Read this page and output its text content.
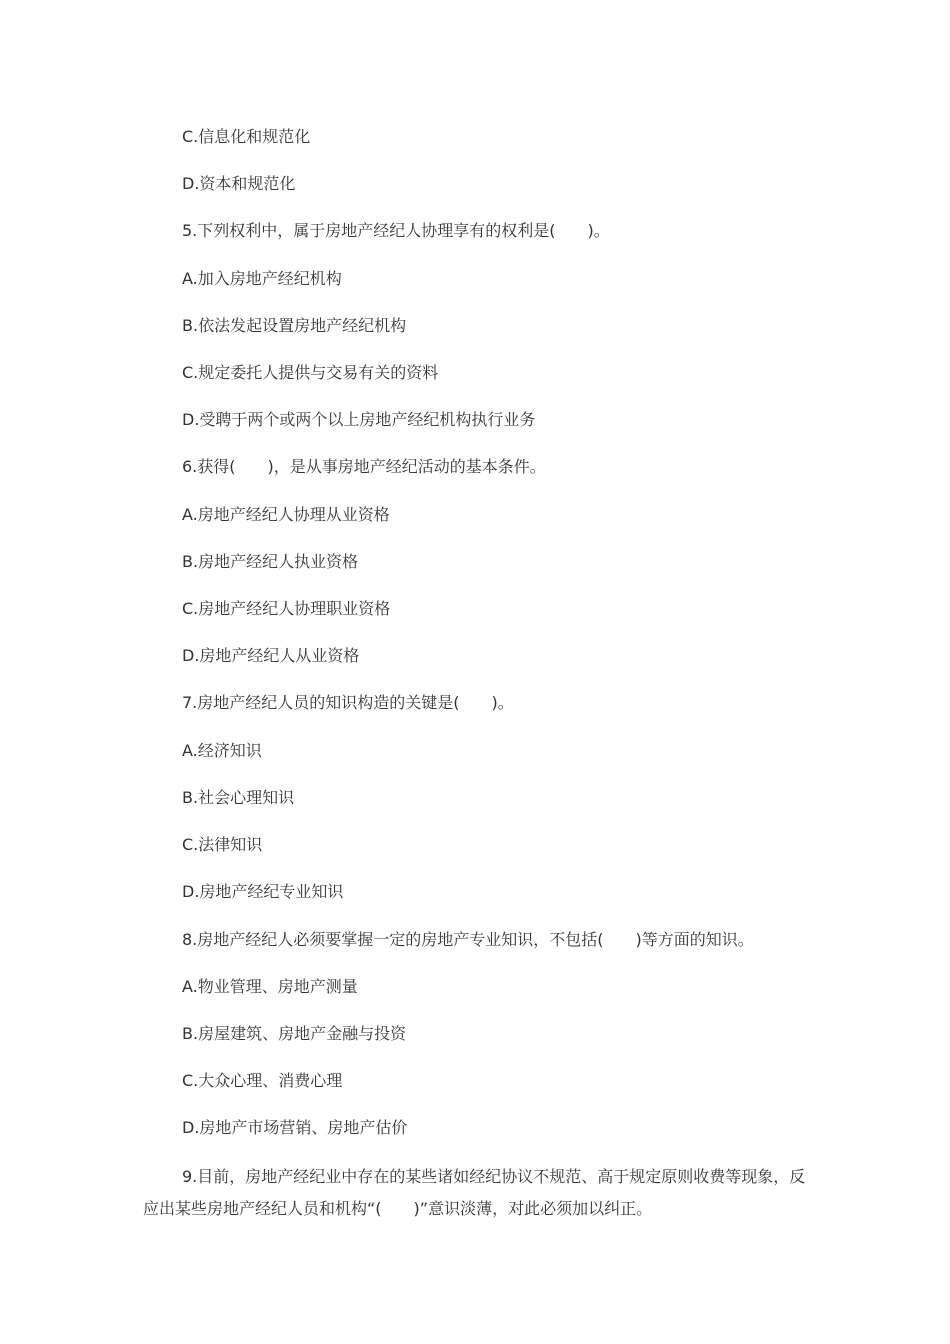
C.信息化和规范化
D.资本和规范化
5.下列权利中，属于房地产经纪人协理享有的权利是(　　)。
A.加入房地产经纪机构
B.依法发起设置房地产经纪机构
C.规定委托人提供与交易有关的资料
D.受聘于两个或两个以上房地产经纪机构执行业务
6.获得(　　)，是从事房地产经纪活动的基本条件。
A.房地产经纪人协理从业资格
B.房地产经纪人执业资格
C.房地产经纪人协理职业资格
D.房地产经纪人从业资格
7.房地产经纪人员的知识构造的关键是(　　)。
A.经济知识
B.社会心理知识
C.法律知识
D.房地产经纪专业知识
8.房地产经纪人必须要掌握一定的房地产专业知识，不包括(　　)等方面的知识。
A.物业管理、房地产测量
B.房屋建筑、房地产金融与投资
C.大众心理、消费心理
D.房地产市场营销、房地产估价
9.目前，房地产经纪业中存在的某些诸如经纪协议不规范、高于规定原则收费等现象，反应出某些房地产经纪人员和机构“(　　)”意识淡薄，对此必须加以纠正。
